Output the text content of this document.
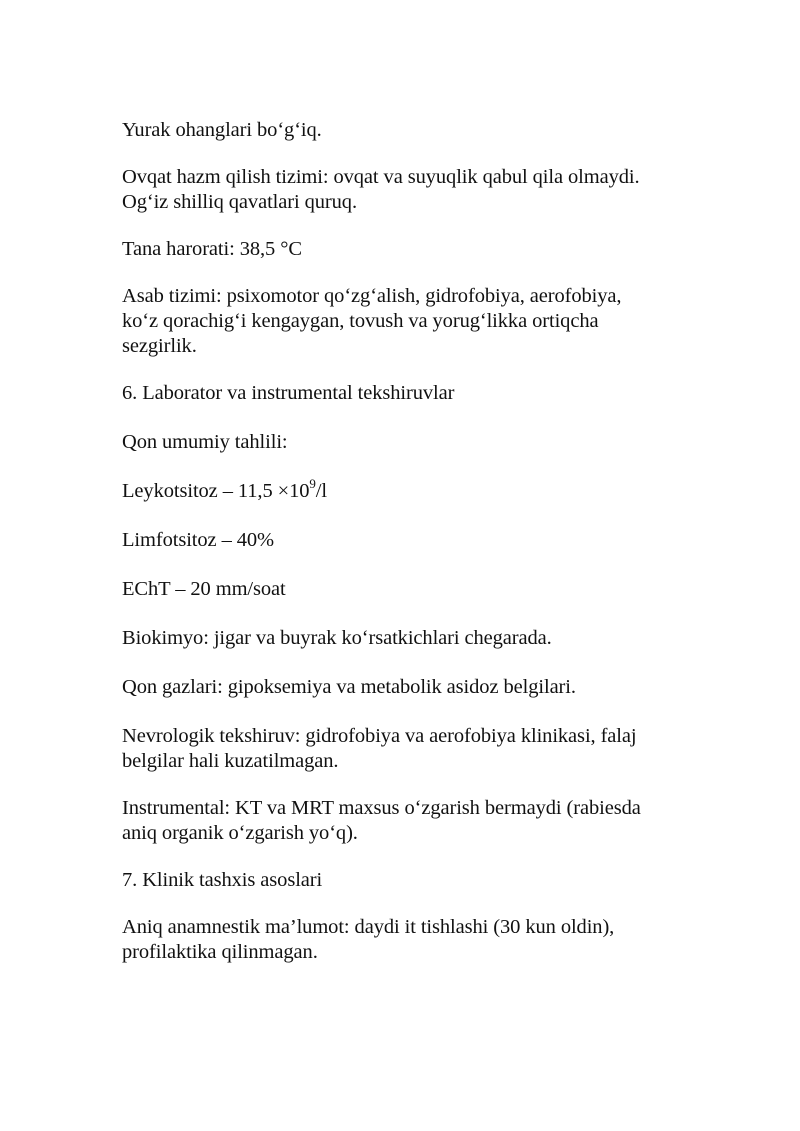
Yurak ohanglari bo‘g‘iq.

Ovqat hazm qilish tizimi: ovqat va suyuqlik qabul qila olmaydi.
Og‘iz shilliq qavatlari quruq.

Tana harorati: 38,5 °C

Asab tizimi: psixomotor qo‘zg‘alish, gidrofobiya, aerofobiya,
ko‘z qorachig‘i kengaygan, tovush va yorug‘likka ortiqcha
sezgirlik.

6. Laborator va instrumental tekshiruvlar

Qon umumiy tahlili:

Leykotsitoz – $11,5 \times 10^9/l$

Limfotsitoz – 40%

EChT – 20 mm/soat

Biokimyo: jigar va buyrak ko‘rsatkichlari chegarada.

Qon gazlari: gipoksemiya va metabolik asidoz belgilari.

Nevrologik tekshiruv: gidrofobiya va aerofobiya klinikasi, falaj
belgilar hali kuzatilmagan.

Instrumental: KT va MRT maxsus o‘zgarish bermaydi (rabiesda
aniq organik o‘zgarish yo‘q).

7. Klinik tashxis asoslari

Aniq anamnestik ma’lumot: daydi it tishlashi (30 kun oldin),
profilaktika qilinmagan.
